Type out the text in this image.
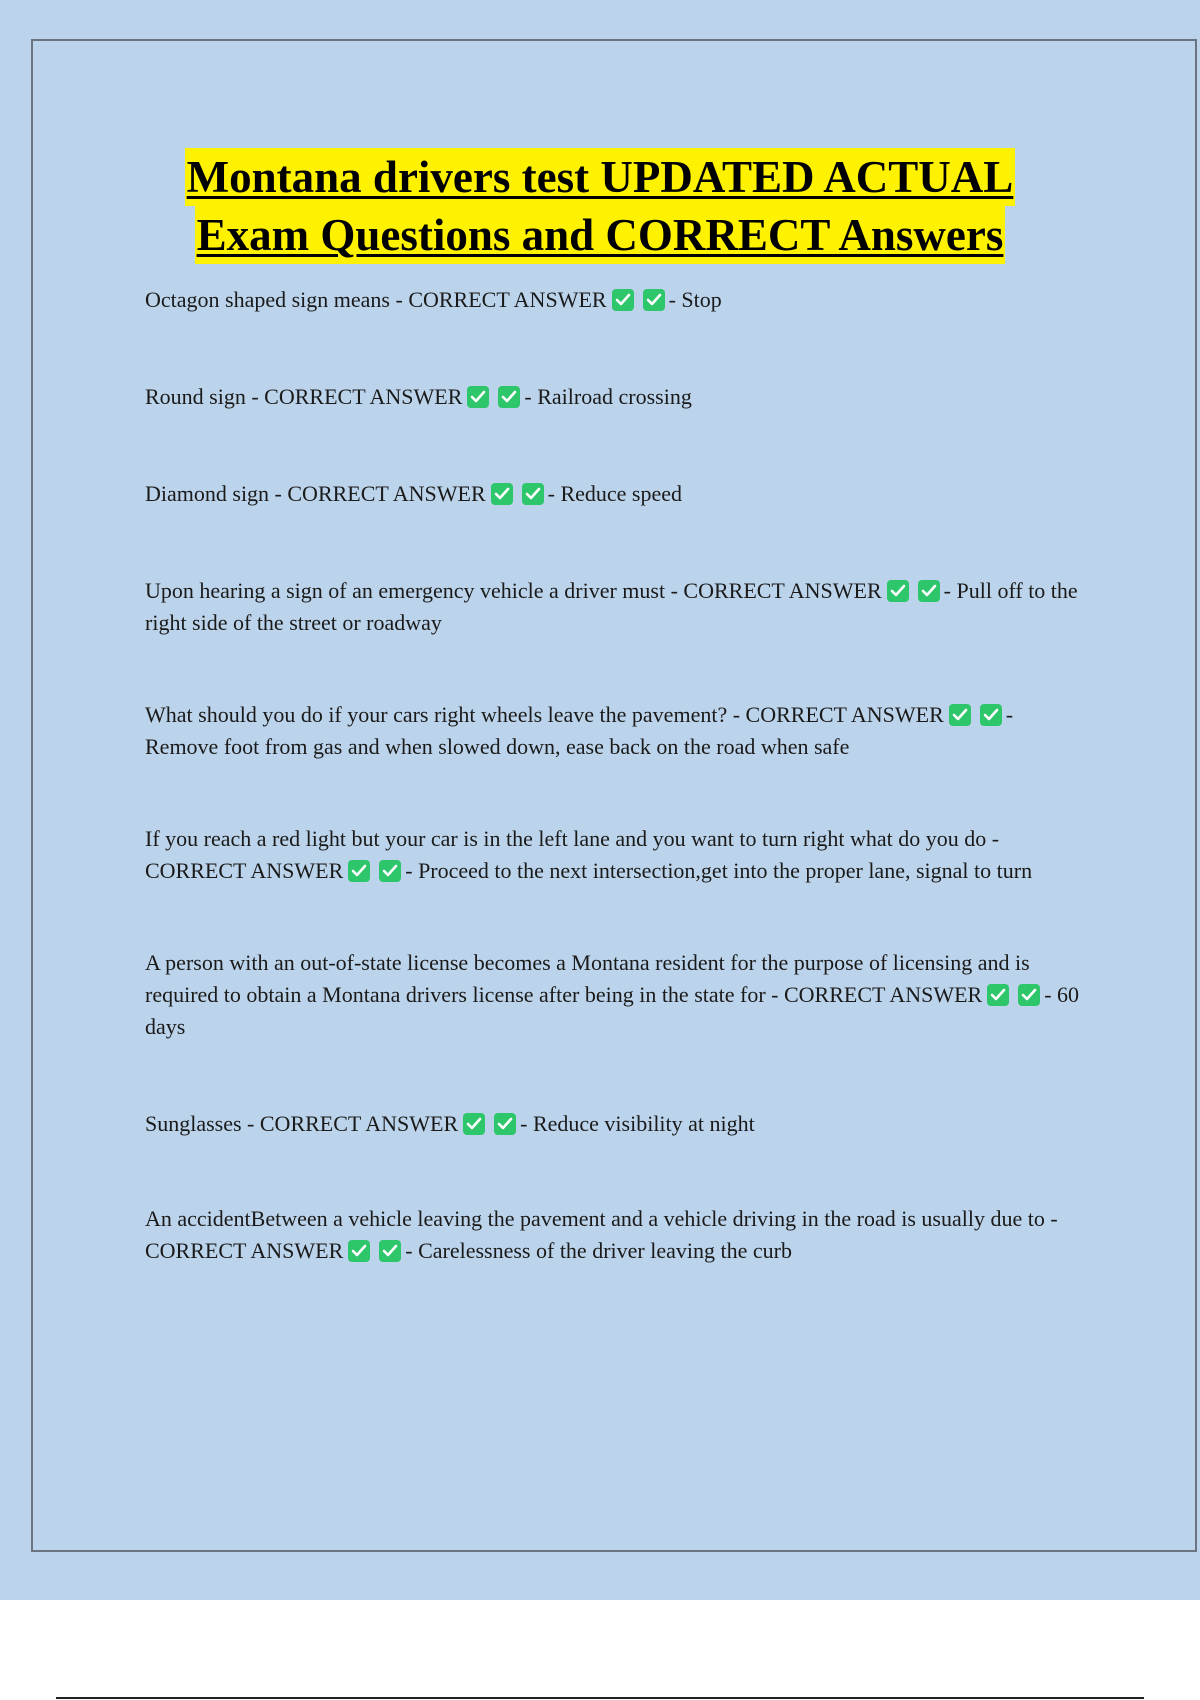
Montana drivers test UPDATED ACTUAL
Exam Questions and CORRECT Answers

Octagon shaped sign means - CORRECT ANSWER	- Stop

Round sign - CORRECT ANSWER	- Railroad crossing

Diamond sign - CORRECT ANSWER	- Reduce speed

Upon hearing a sign of an emergency vehicle a driver must - CORRECT ANSWER	- Pull off to the right side of the street or roadway

What should you do if your cars right wheels leave the pavement? - CORRECT ANSWER	- Remove foot from gas and when slowed down, ease back on the road when safe

If you reach a red light but your car is in the left lane and you want to turn right what do you do - CORRECT ANSWER	- Proceed to the next intersection,get into the proper lane, signal to turn

A person with an out-of-state license becomes a Montana resident for the purpose of licensing and is required to obtain a Montana drivers license after being in the state for - CORRECT ANSWER	- 60 days

Sunglasses - CORRECT ANSWER	- Reduce visibility at night

An accidentBetween a vehicle leaving the pavement and a vehicle driving in the road is usually due to - CORRECT ANSWER	- Carelessness of the driver leaving the curb
